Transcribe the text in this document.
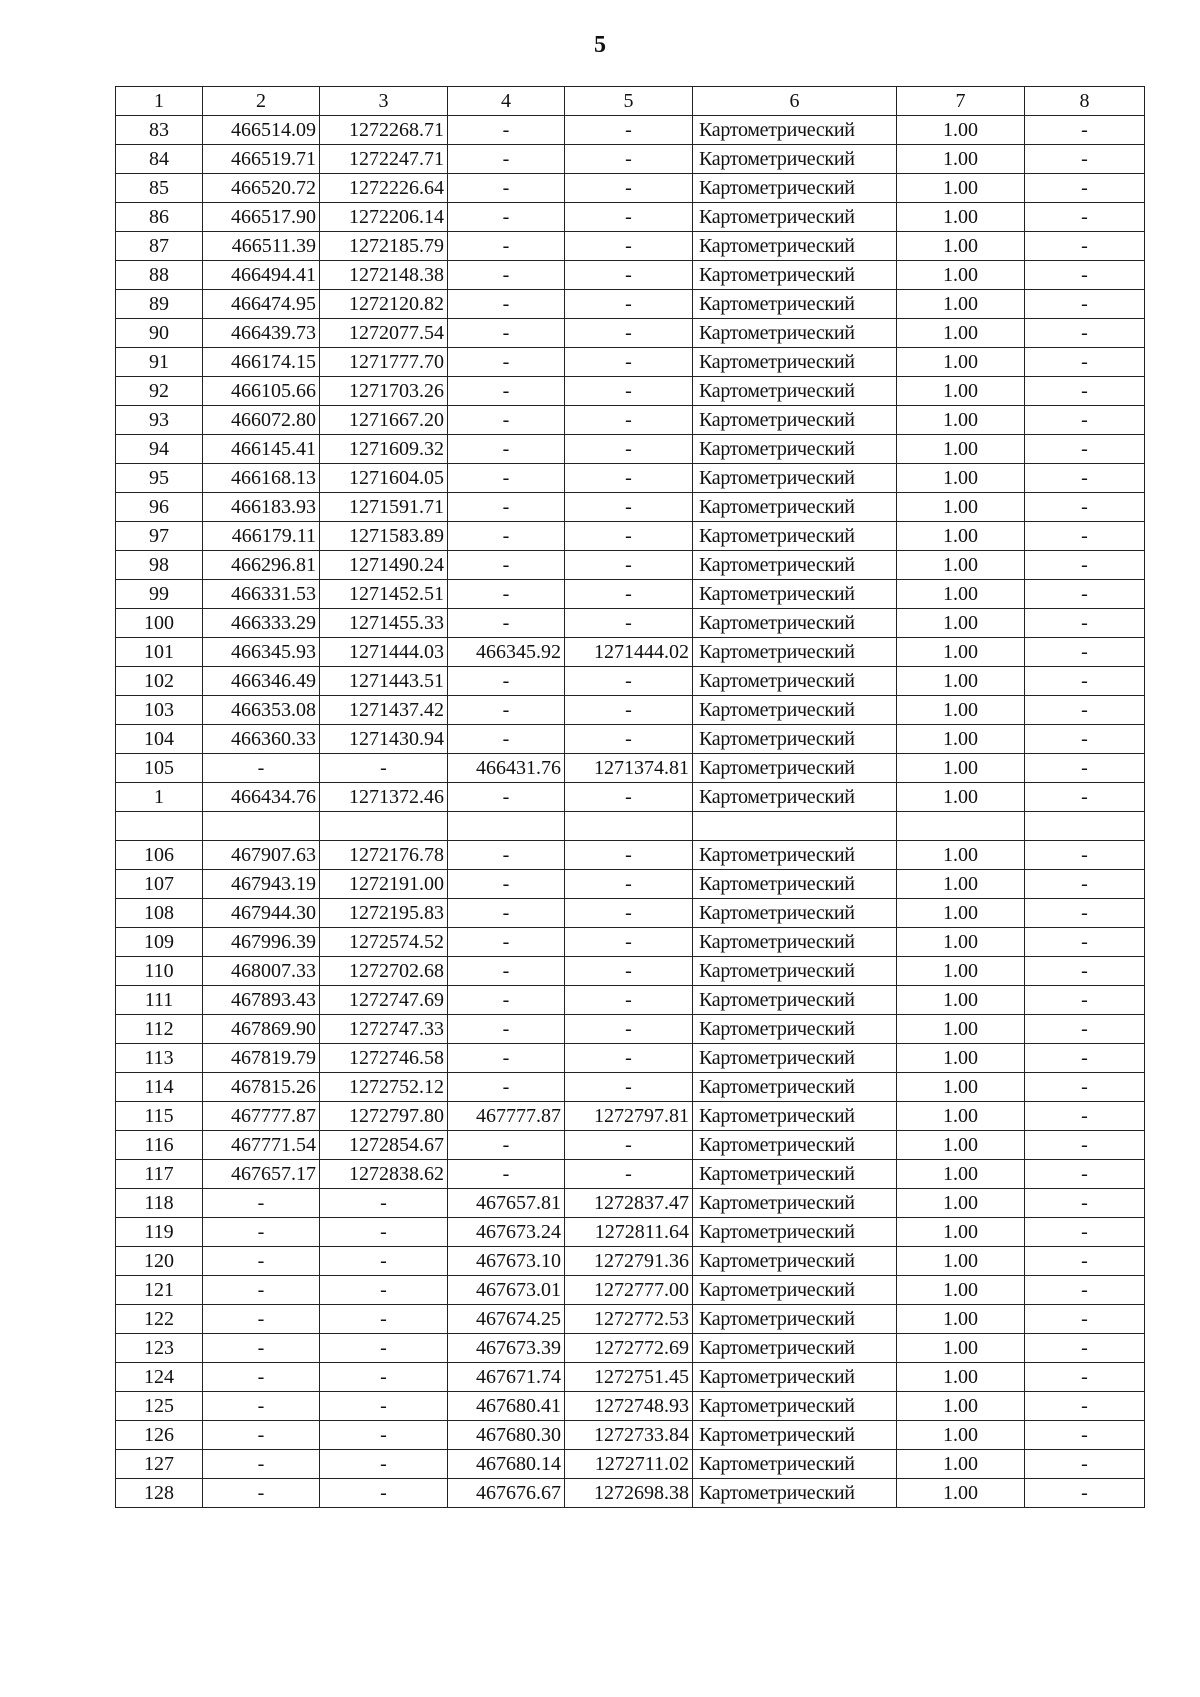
5
1	2	3	4	5	6	7	8
83	466514.09	1272268.71	-	-	Картометрический	1.00	-
84	466519.71	1272247.71	-	-	Картометрический	1.00	-
85	466520.72	1272226.64	-	-	Картометрический	1.00	-
86	466517.90	1272206.14	-	-	Картометрический	1.00	-
87	466511.39	1272185.79	-	-	Картометрический	1.00	-
88	466494.41	1272148.38	-	-	Картометрический	1.00	-
89	466474.95	1272120.82	-	-	Картометрический	1.00	-
90	466439.73	1272077.54	-	-	Картометрический	1.00	-
91	466174.15	1271777.70	-	-	Картометрический	1.00	-
92	466105.66	1271703.26	-	-	Картометрический	1.00	-
93	466072.80	1271667.20	-	-	Картометрический	1.00	-
94	466145.41	1271609.32	-	-	Картометрический	1.00	-
95	466168.13	1271604.05	-	-	Картометрический	1.00	-
96	466183.93	1271591.71	-	-	Картометрический	1.00	-
97	466179.11	1271583.89	-	-	Картометрический	1.00	-
98	466296.81	1271490.24	-	-	Картометрический	1.00	-
99	466331.53	1271452.51	-	-	Картометрический	1.00	-
100	466333.29	1271455.33	-	-	Картометрический	1.00	-
101	466345.93	1271444.03	466345.92	1271444.02	Картометрический	1.00	-
102	466346.49	1271443.51	-	-	Картометрический	1.00	-
103	466353.08	1271437.42	-	-	Картометрический	1.00	-
104	466360.33	1271430.94	-	-	Картометрический	1.00	-
105	-	-	466431.76	1271374.81	Картометрический	1.00	-
1	466434.76	1271372.46	-	-	Картометрический	1.00	-

106	467907.63	1272176.78	-	-	Картометрический	1.00	-
107	467943.19	1272191.00	-	-	Картометрический	1.00	-
108	467944.30	1272195.83	-	-	Картометрический	1.00	-
109	467996.39	1272574.52	-	-	Картометрический	1.00	-
110	468007.33	1272702.68	-	-	Картометрический	1.00	-
111	467893.43	1272747.69	-	-	Картометрический	1.00	-
112	467869.90	1272747.33	-	-	Картометрический	1.00	-
113	467819.79	1272746.58	-	-	Картометрический	1.00	-
114	467815.26	1272752.12	-	-	Картометрический	1.00	-
115	467777.87	1272797.80	467777.87	1272797.81	Картометрический	1.00	-
116	467771.54	1272854.67	-	-	Картометрический	1.00	-
117	467657.17	1272838.62	-	-	Картометрический	1.00	-
118	-	-	467657.81	1272837.47	Картометрический	1.00	-
119	-	-	467673.24	1272811.64	Картометрический	1.00	-
120	-	-	467673.10	1272791.36	Картометрический	1.00	-
121	-	-	467673.01	1272777.00	Картометрический	1.00	-
122	-	-	467674.25	1272772.53	Картометрический	1.00	-
123	-	-	467673.39	1272772.69	Картометрический	1.00	-
124	-	-	467671.74	1272751.45	Картометрический	1.00	-
125	-	-	467680.41	1272748.93	Картометрический	1.00	-
126	-	-	467680.30	1272733.84	Картометрический	1.00	-
127	-	-	467680.14	1272711.02	Картометрический	1.00	-
128	-	-	467676.67	1272698.38	Картометрический	1.00	-
